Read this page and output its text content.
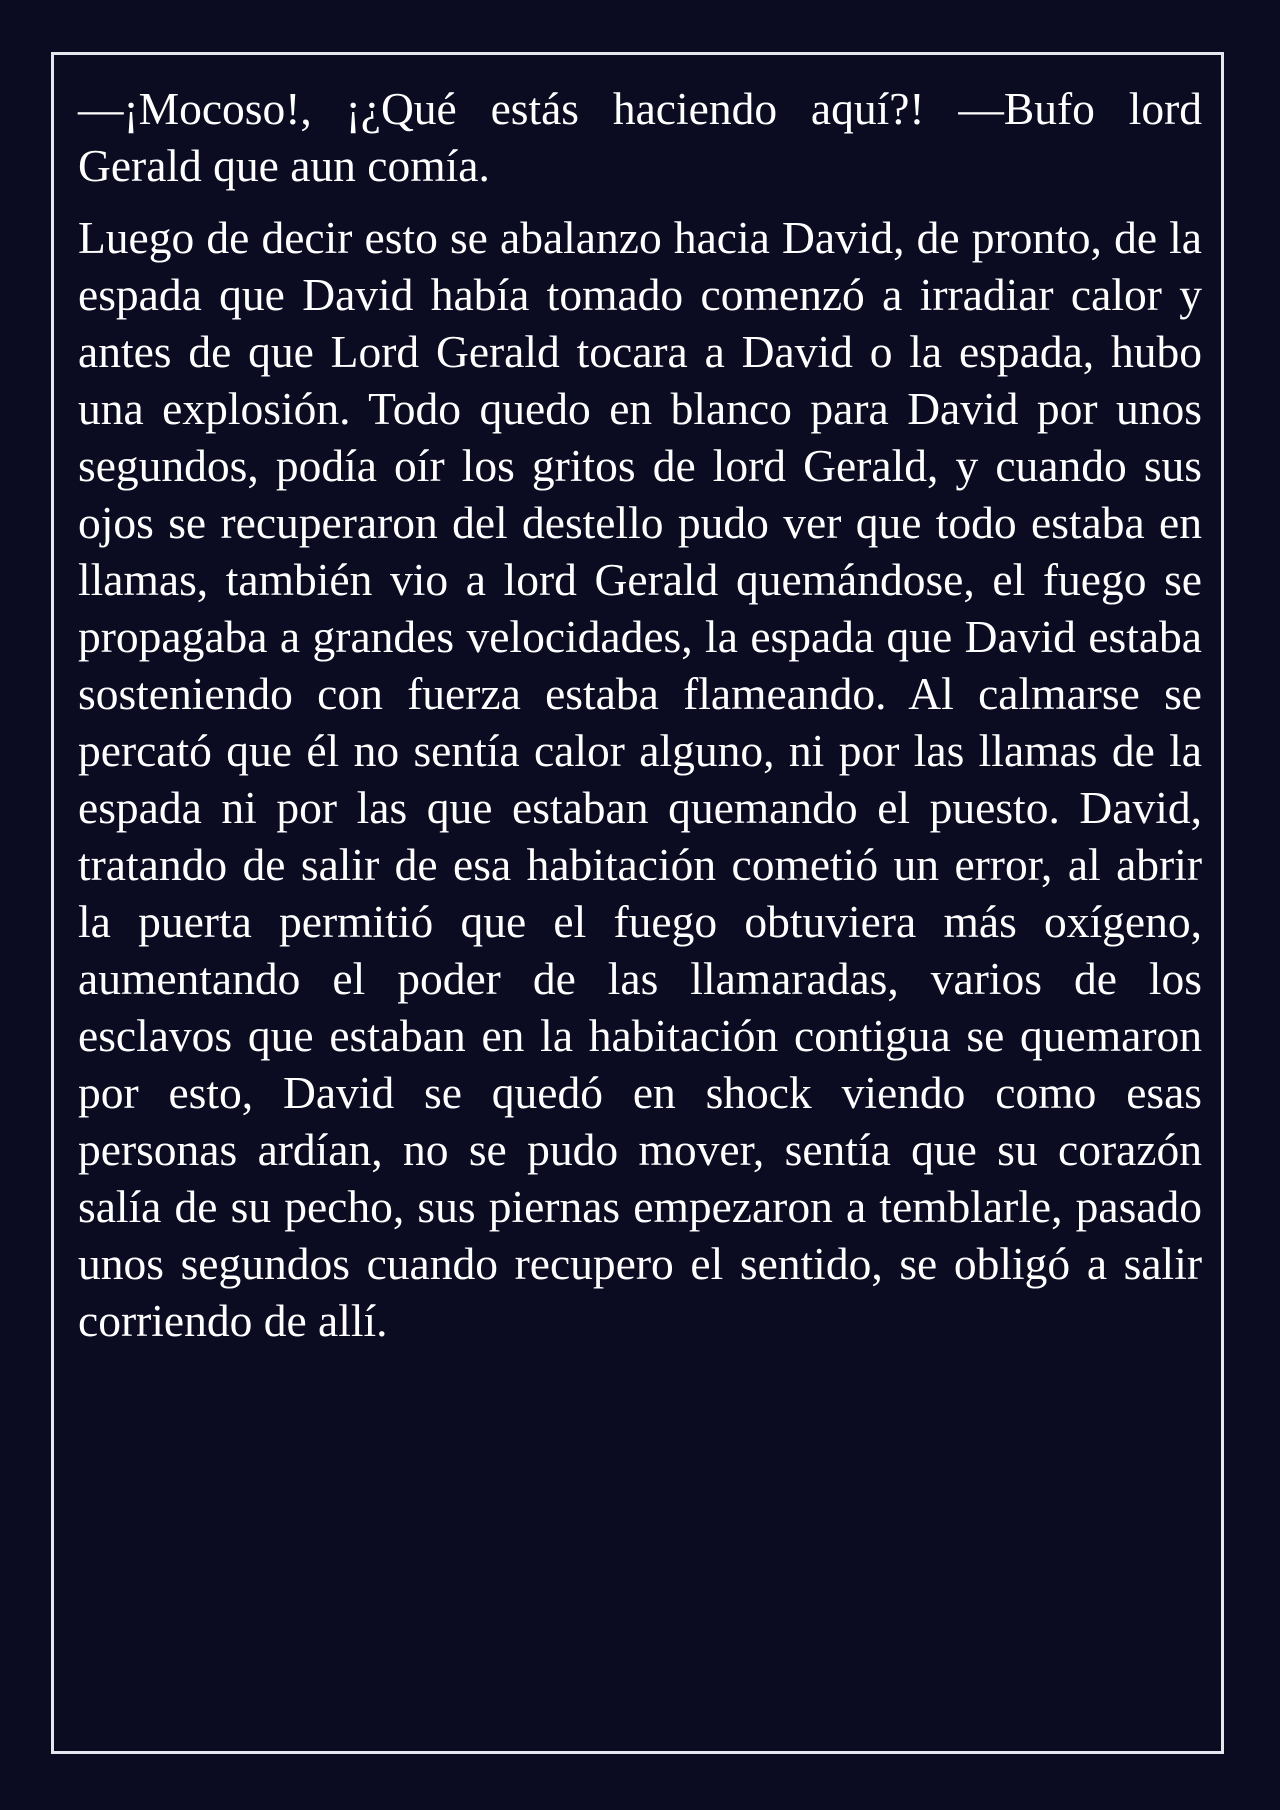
—¡Mocoso!, ¡¿Qué estás haciendo aquí?! —Bufo lord Gerald que aun comía.

Luego de decir esto se abalanzo hacia David, de pronto, de la espada que David había tomado comenzó a irradiar calor y antes de que Lord Gerald tocara a David o la espada, hubo una explosión. Todo quedo en blanco para David por unos segundos, podía oír los gritos de lord Gerald, y cuando sus ojos se recuperaron del destello pudo ver que todo estaba en llamas, también vio a lord Gerald quemándose, el fuego se propagaba a grandes velocidades, la espada que David estaba sosteniendo con fuerza estaba flameando. Al calmarse se percató que él no sentía calor alguno, ni por las llamas de la espada ni por las que estaban quemando el puesto. David, tratando de salir de esa habitación cometió un error, al abrir la puerta permitió que el fuego obtuviera más oxígeno, aumentando el poder de las llamaradas, varios de los esclavos que estaban en la habitación contigua se quemaron por esto, David se quedó en shock viendo como esas personas ardían, no se pudo mover, sentía que su corazón salía de su pecho, sus piernas empezaron a temblarle, pasado unos segundos cuando recupero el sentido, se obligó a salir corriendo de allí.
